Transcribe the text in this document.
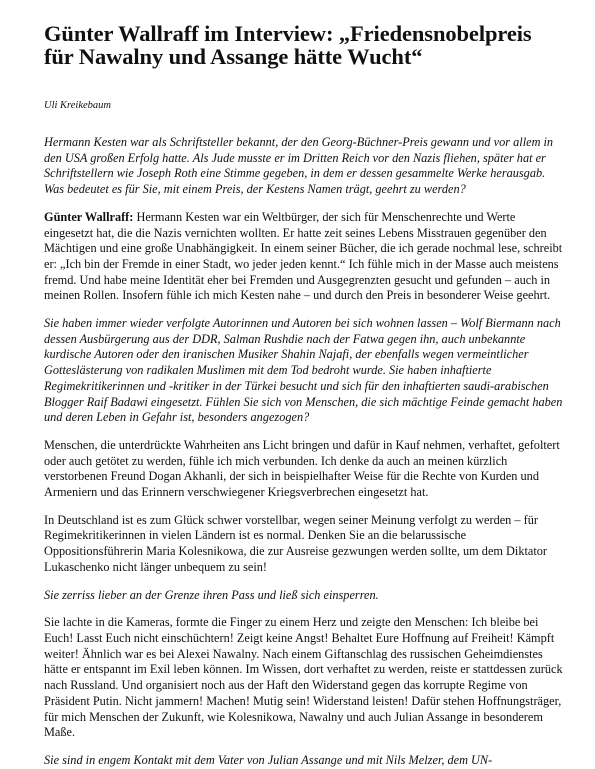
Günter Wallraff im Interview: „Friedensnobelpreis für Nawalny und Assange hätte Wucht“

Uli Kreikebaum

Hermann Kesten war als Schriftsteller bekannt, der den Georg-Büchner-Preis gewann und vor allem in den USA großen Erfolg hatte. Als Jude musste er im Dritten Reich vor den Nazis fliehen, später hat er Schriftstellern wie Joseph Roth eine Stimme gegeben, in dem er dessen gesammelte Werke herausgab. Was bedeutet es für Sie, mit einem Preis, der Kestens Namen trägt, geehrt zu werden?

Günter Wallraff: Hermann Kesten war ein Weltbürger, der sich für Menschenrechte und Werte eingesetzt hat, die die Nazis vernichten wollten. Er hatte zeit seines Lebens Misstrauen gegenüber den Mächtigen und eine große Unabhängigkeit. In einem seiner Bücher, die ich gerade nochmal lese, schreibt er: „Ich bin der Fremde in einer Stadt, wo jeder jeden kennt.“ Ich fühle mich in der Masse auch meistens fremd. Und habe meine Identität eher bei Fremden und Ausgegrenzten gesucht und gefunden – auch in meinen Rollen. Insofern fühle ich mich Kesten nahe – und durch den Preis in besonderer Weise geehrt.

Sie haben immer wieder verfolgte Autorinnen und Autoren bei sich wohnen lassen – Wolf Biermann nach dessen Ausbürgerung aus der DDR, Salman Rushdie nach der Fatwa gegen ihn, auch unbekannte kurdische Autoren oder den iranischen Musiker Shahin Najafi, der ebenfalls wegen vermeintlicher Gotteslästerung von radikalen Muslimen mit dem Tod bedroht wurde. Sie haben inhaftierte Regimekritikerinnen und -kritiker in der Türkei besucht und sich für den inhaftierten saudi-arabischen Blogger Raif Badawi eingesetzt. Fühlen Sie sich von Menschen, die sich mächtige Feinde gemacht haben und deren Leben in Gefahr ist, besonders angezogen?

Menschen, die unterdrückte Wahrheiten ans Licht bringen und dafür in Kauf nehmen, verhaftet, gefoltert oder auch getötet zu werden, fühle ich mich verbunden. Ich denke da auch an meinen kürzlich verstorbenen Freund Dogan Akhanli, der sich in beispielhafter Weise für die Rechte von Kurden und Armeniern und das Erinnern verschwiegener Kriegsverbrechen eingesetzt hat.

In Deutschland ist es zum Glück schwer vorstellbar, wegen seiner Meinung verfolgt zu werden – für Regimekritikerinnen in vielen Ländern ist es normal. Denken Sie an die belarussische Oppositionsführerin Maria Kolesnikowa, die zur Ausreise gezwungen werden sollte, um dem Diktator Lukaschenko nicht länger unbequem zu sein!

Sie zerriss lieber an der Grenze ihren Pass und ließ sich einsperren.

Sie lachte in die Kameras, formte die Finger zu einem Herz und zeigte den Menschen: Ich bleibe bei Euch! Lasst Euch nicht einschüchtern! Zeigt keine Angst! Behaltet Eure Hoffnung auf Freiheit! Kämpft weiter! Ähnlich war es bei Alexei Nawalny. Nach einem Giftanschlag des russischen Geheimdienstes hätte er entspannt im Exil leben können. Im Wissen, dort verhaftet zu werden, reiste er stattdessen zurück nach Russland. Und organisiert noch aus der Haft den Widerstand gegen das korrupte Regime von Präsident Putin. Nicht jammern! Machen! Mutig sein! Widerstand leisten! Dafür stehen Hoffnungsträger, für mich Menschen der Zukunft, wie Kolesnikowa, Nawalny und auch Julian Assange in besonderem Maße.

Sie sind in engem Kontakt mit dem Vater von Julian Assange und mit Nils Melzer, dem UN-
